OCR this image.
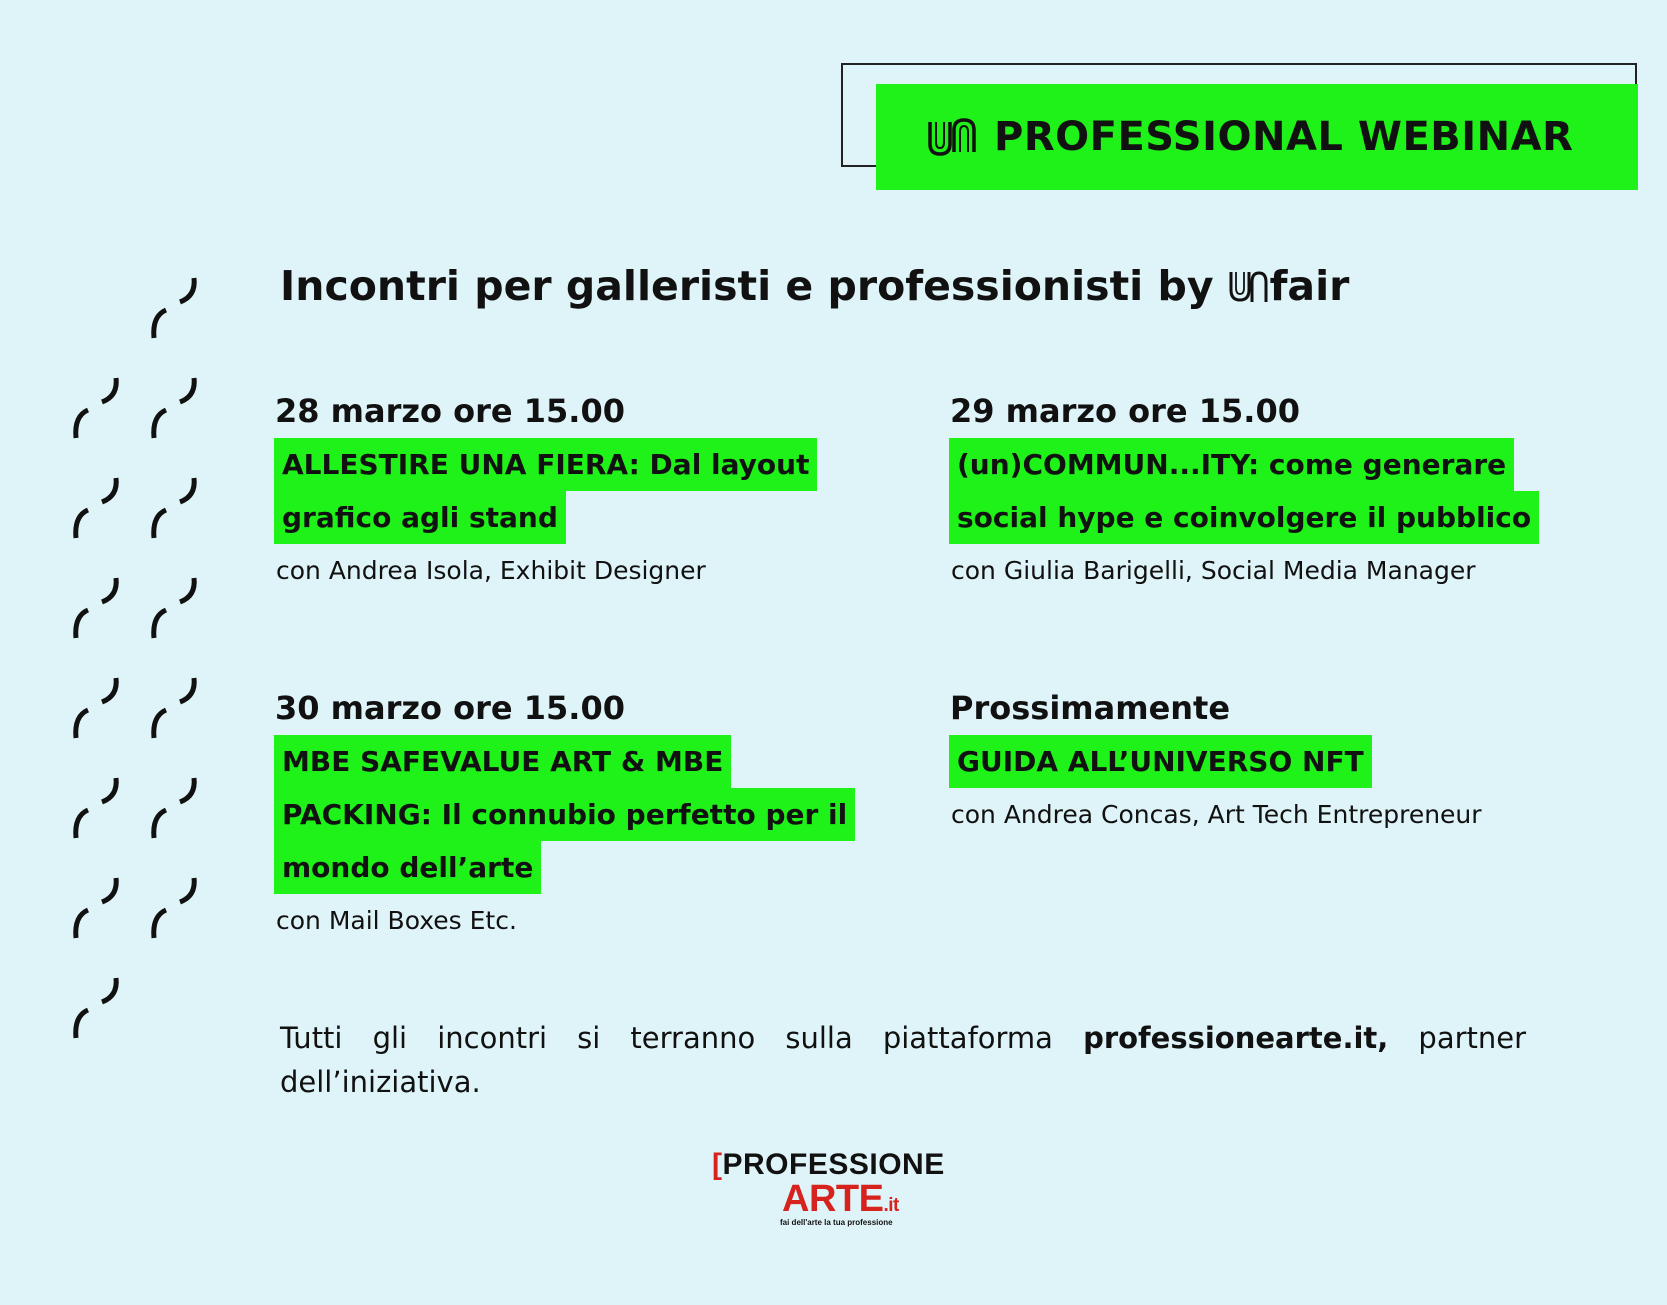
PROFESSIONAL WEBINAR
Incontri per galleristi e professionisti by fair
28 marzo ore 15.00
ALLESTIRE UNA FIERA: Dal layout
grafico agli stand
con Andrea Isola, Exhibit Designer
29 marzo ore 15.00
(un)COMMUN...ITY: come generare
social hype e coinvolgere il pubblico
con Giulia Barigelli, Social Media Manager
30 marzo ore 15.00
MBE SAFEVALUE ART & MBE
PACKING: Il connubio perfetto per il
mondo dell’arte
con Mail Boxes Etc.
Prossimamente
GUIDA ALL’UNIVERSO NFT
con Andrea Concas, Art Tech Entrepreneur
Tutti gli incontri si terranno sulla piattaforma professionearte.it, partner dell’iniziativa.
[PROFESSIONE
ARTE.it
fai dell'arte la tua professione
